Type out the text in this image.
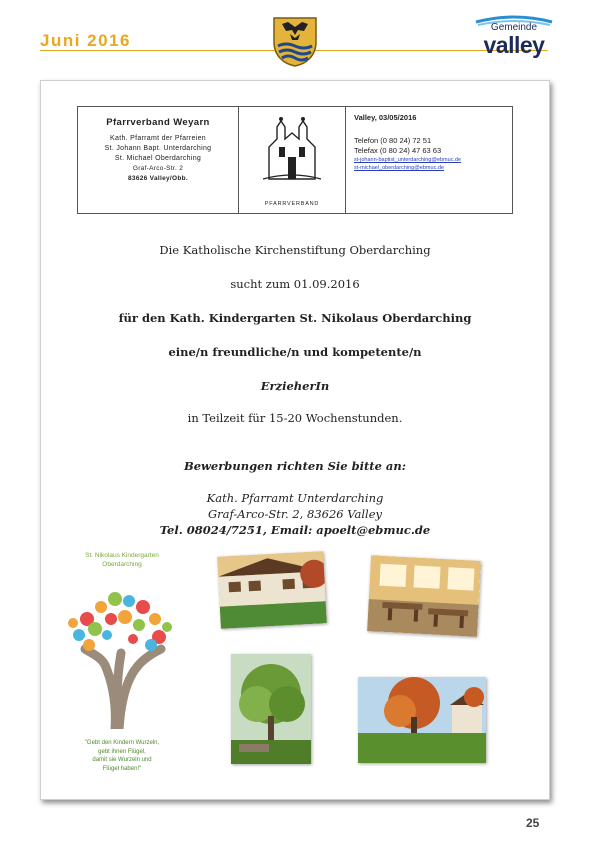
Juni 2016
Gemeinde
valley
Pfarrverband Weyarn
Kath. Pfarramt der Pfarreien
St. Johann Bapt. Unterdarching
St. Michael Oberdarching
Graf-Arco-Str. 2
83626 Valley/Obb.
PFARRVERBAND
Valley, 03/05/2016
Telefon (0 80 24) 72 51
Telefax (0 80 24) 47 63 63
st-johann-baptist_unterdarching@ebmuc.de
st-michael_oberdarching@ebmuc.de
Die Katholische Kirchenstiftung Oberdarching
sucht zum 01.09.2016
für den Kath. Kindergarten St. Nikolaus Oberdarching
eine/n freundliche/n und kompetente/n
ErzieherIn
in Teilzeit für 15-20 Wochenstunden.
Bewerbungen richten Sie bitte an:
Kath. Pfarramt Unterdarching
Graf-Arco-Str. 2, 83626 Valley
Tel. 08024/7251, Email: apoelt@ebmuc.de
St. Nikolaus Kindergarten
Oberdarching
"Gebt den Kindern Wurzeln,
gebt ihnen Flügel,
damit sie Wurzeln und
Flügel haben!"
25
